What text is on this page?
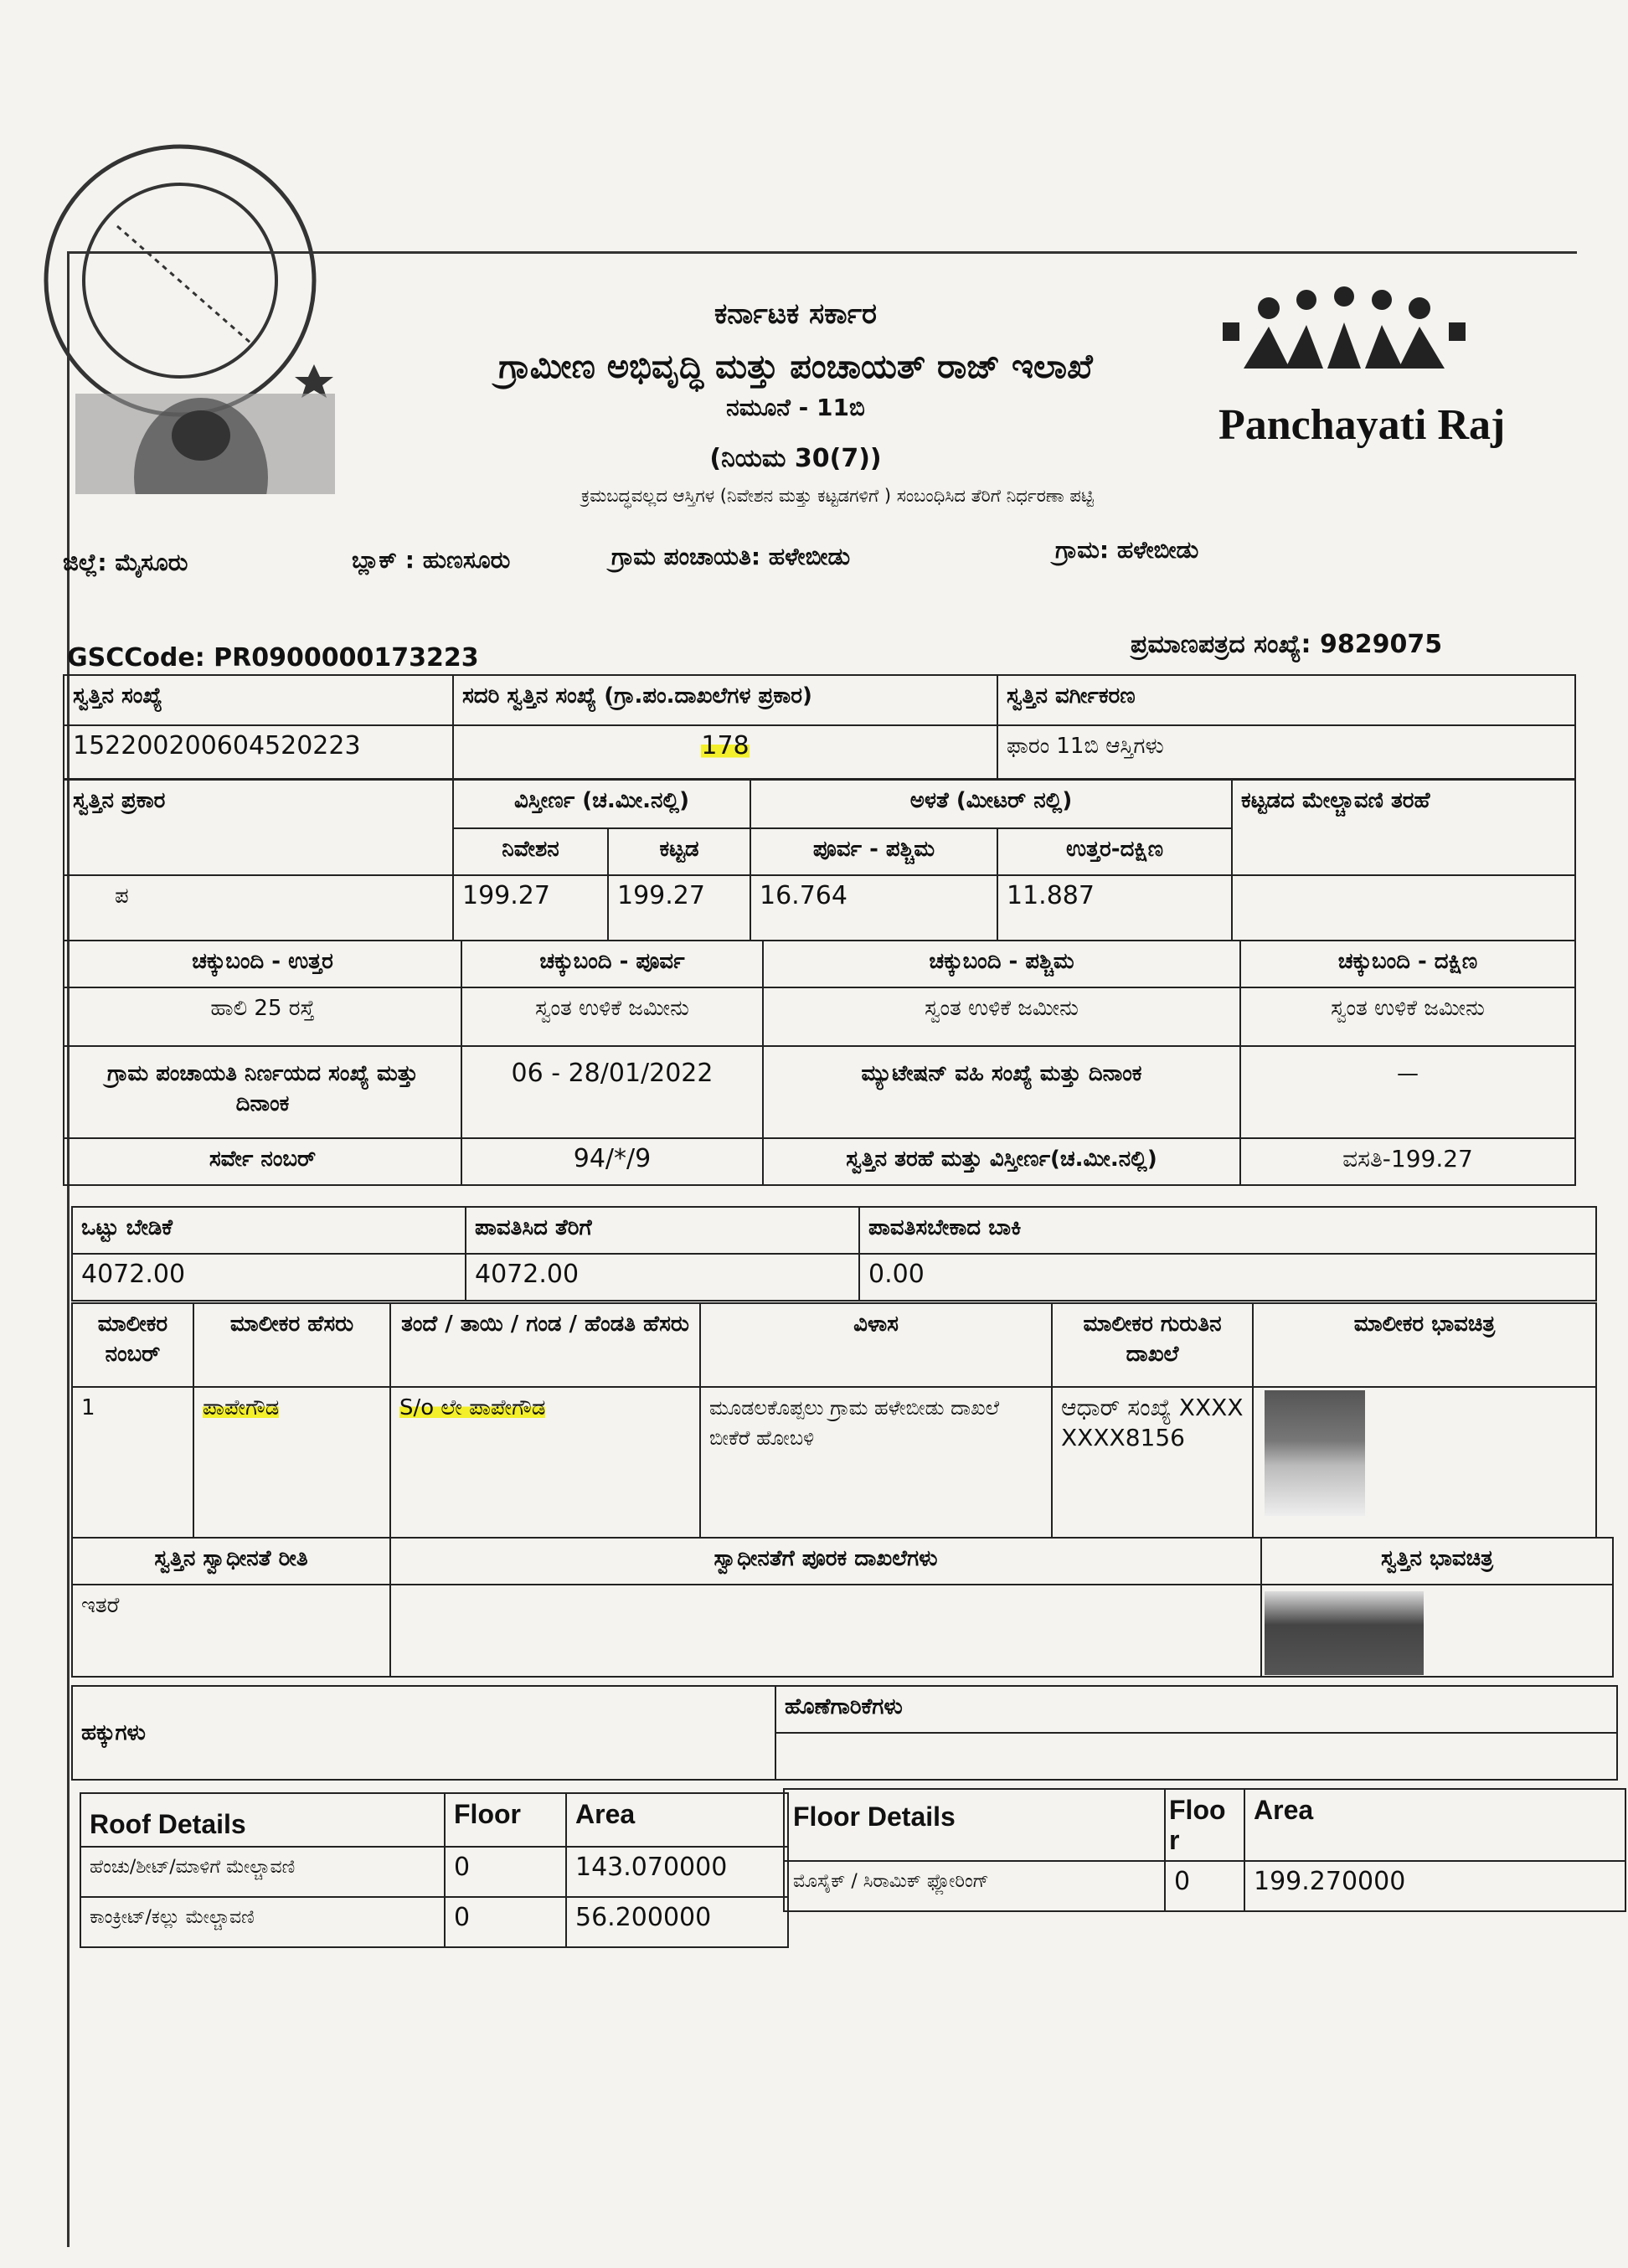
ಕರ್ನಾಟಕ ಸರ್ಕಾರ
ಗ್ರಾಮೀಣ ಅಭಿವೃದ್ಧಿ ಮತ್ತು ಪಂಚಾಯತ್ ರಾಜ್ ಇಲಾಖೆ
ನಮೂನೆ - 11ಬಿ
(ನಿಯಮ 30(7))
ಕ್ರಮಬದ್ಧವಲ್ಲದ ಆಸ್ತಿಗಳ (ನಿವೇಶನ ಮತ್ತು ಕಟ್ಟಡಗಳಿಗೆ ) ಸಂಬಂಧಿಸಿದ ತೆರಿಗೆ ನಿರ್ಧರಣಾ ಪಟ್ಟಿ
Panchayati Raj
ಜಿಲ್ಲೆ: ಮೈಸೂರು	ಬ್ಲಾಕ್ : ಹುಣಸೂರು	ಗ್ರಾಮ ಪಂಚಾಯತಿ: ಹಳೇಬೀಡು	ಗ್ರಾಮ: ಹಳೇಬೀಡು
GSCCode: PR0900000173223	ಪ್ರಮಾಣಪತ್ರದ ಸಂಖ್ಯೆ: 9829075
ಸ್ವತ್ತಿನ ಸಂಖ್ಯೆ	ಸದರಿ ಸ್ವತ್ತಿನ ಸಂಖ್ಯೆ (ಗ್ರಾ.ಪಂ.ದಾಖಲೆಗಳ ಪ್ರಕಾರ)	ಸ್ವತ್ತಿನ ವರ್ಗೀಕರಣ
152200200604520223	178	ಫಾರಂ 11ಬಿ ಆಸ್ತಿಗಳು
ಸ್ವತ್ತಿನ ಪ್ರಕಾರ	ವಿಸ್ತೀರ್ಣ (ಚ.ಮೀ.ನಲ್ಲಿ)		ಅಳತೆ (ಮೀಟರ್ ನಲ್ಲಿ)		ಕಟ್ಟಡದ ಮೇಲ್ಚಾವಣಿ ತರಹೆ
	ನಿವೇಶನ	ಕಟ್ಟಡ	ಪೂರ್ವ - ಪಶ್ಚಿಮ	ಉತ್ತರ-ದಕ್ಷಿಣ	
ಪ	199.27	199.27	16.764	11.887	
ಚಕ್ಕುಬಂದಿ - ಉತ್ತರ	ಚಕ್ಕುಬಂದಿ - ಪೂರ್ವ	ಚಕ್ಕುಬಂದಿ - ಪಶ್ಚಿಮ	ಚಕ್ಕುಬಂದಿ - ದಕ್ಷಿಣ
ಹಾಲಿ 25 ರಸ್ತೆ	ಸ್ವಂತ ಉಳಿಕೆ ಜಮೀನು	ಸ್ವಂತ ಉಳಿಕೆ ಜಮೀನು	ಸ್ವಂತ ಉಳಿಕೆ ಜಮೀನು
ಗ್ರಾಮ ಪಂಚಾಯತಿ ನಿರ್ಣಯದ ಸಂಖ್ಯೆ ಮತ್ತು ದಿನಾಂಕ	06 - 28/01/2022	ಮ್ಯುಟೇಷನ್ ವಹಿ ಸಂಖ್ಯೆ ಮತ್ತು ದಿನಾಂಕ	—
ಸರ್ವೇ ನಂಬರ್	94/*/9	ಸ್ವತ್ತಿನ ತರಹೆ ಮತ್ತು ವಿಸ್ತೀರ್ಣ(ಚ.ಮೀ.ನಲ್ಲಿ)	ವಸತಿ-199.27
ಒಟ್ಟು ಬೇಡಿಕೆ	ಪಾವತಿಸಿದ ತೆರಿಗೆ	ಪಾವತಿಸಬೇಕಾದ ಬಾಕಿ
4072.00	4072.00	0.00
ಮಾಲೀಕರ ನಂಬರ್	ಮಾಲೀಕರ ಹೆಸರು	ತಂದೆ / ತಾಯಿ / ಗಂಡ / ಹೆಂಡತಿ ಹೆಸರು	ವಿಳಾಸ	ಮಾಲೀಕರ ಗುರುತಿನ ದಾಖಲೆ	ಮಾಲೀಕರ ಭಾವಚಿತ್ರ
1	ಪಾಪೇಗೌಡ	S/o ಲೇ ಪಾಪೇಗೌಡ	ಮೂಡಲಕೊಪ್ಪಲು ಗ್ರಾಮ ಹಳೇಬೀಡು ದಾಖಲೆ ಬೀಕೆರೆ ಹೋಬಳಿ	ಆಧಾರ್ ಸಂಖ್ಯೆ XXXXXXXX8156	
ಸ್ವತ್ತಿನ ಸ್ವಾಧೀನತೆ ರೀತಿ	ಸ್ವಾಧೀನತೆಗೆ ಪೂರಕ ದಾಖಲೆಗಳು	ಸ್ವತ್ತಿನ ಭಾವಚಿತ್ರ
ಇತರೆ		
ಹಕ್ಕುಗಳು	ಹೊಣೆಗಾರಿಕೆಗಳು

Roof Details	Floor	Area
ಹೆಂಚು/ಶೀಟ್/ಮಾಳಿಗೆ ಮೇಲ್ಚಾವಣಿ	0	143.070000
ಕಾಂಕ್ರೀಟ್/ಕಲ್ಲು ಮೇಲ್ಚಾವಣಿ	0	56.200000
Floor Details	Floor	Area
ಮೊಸೈಕ್ / ಸಿರಾಮಿಕ್ ಫ್ಲೋರಿಂಗ್	0	199.270000
